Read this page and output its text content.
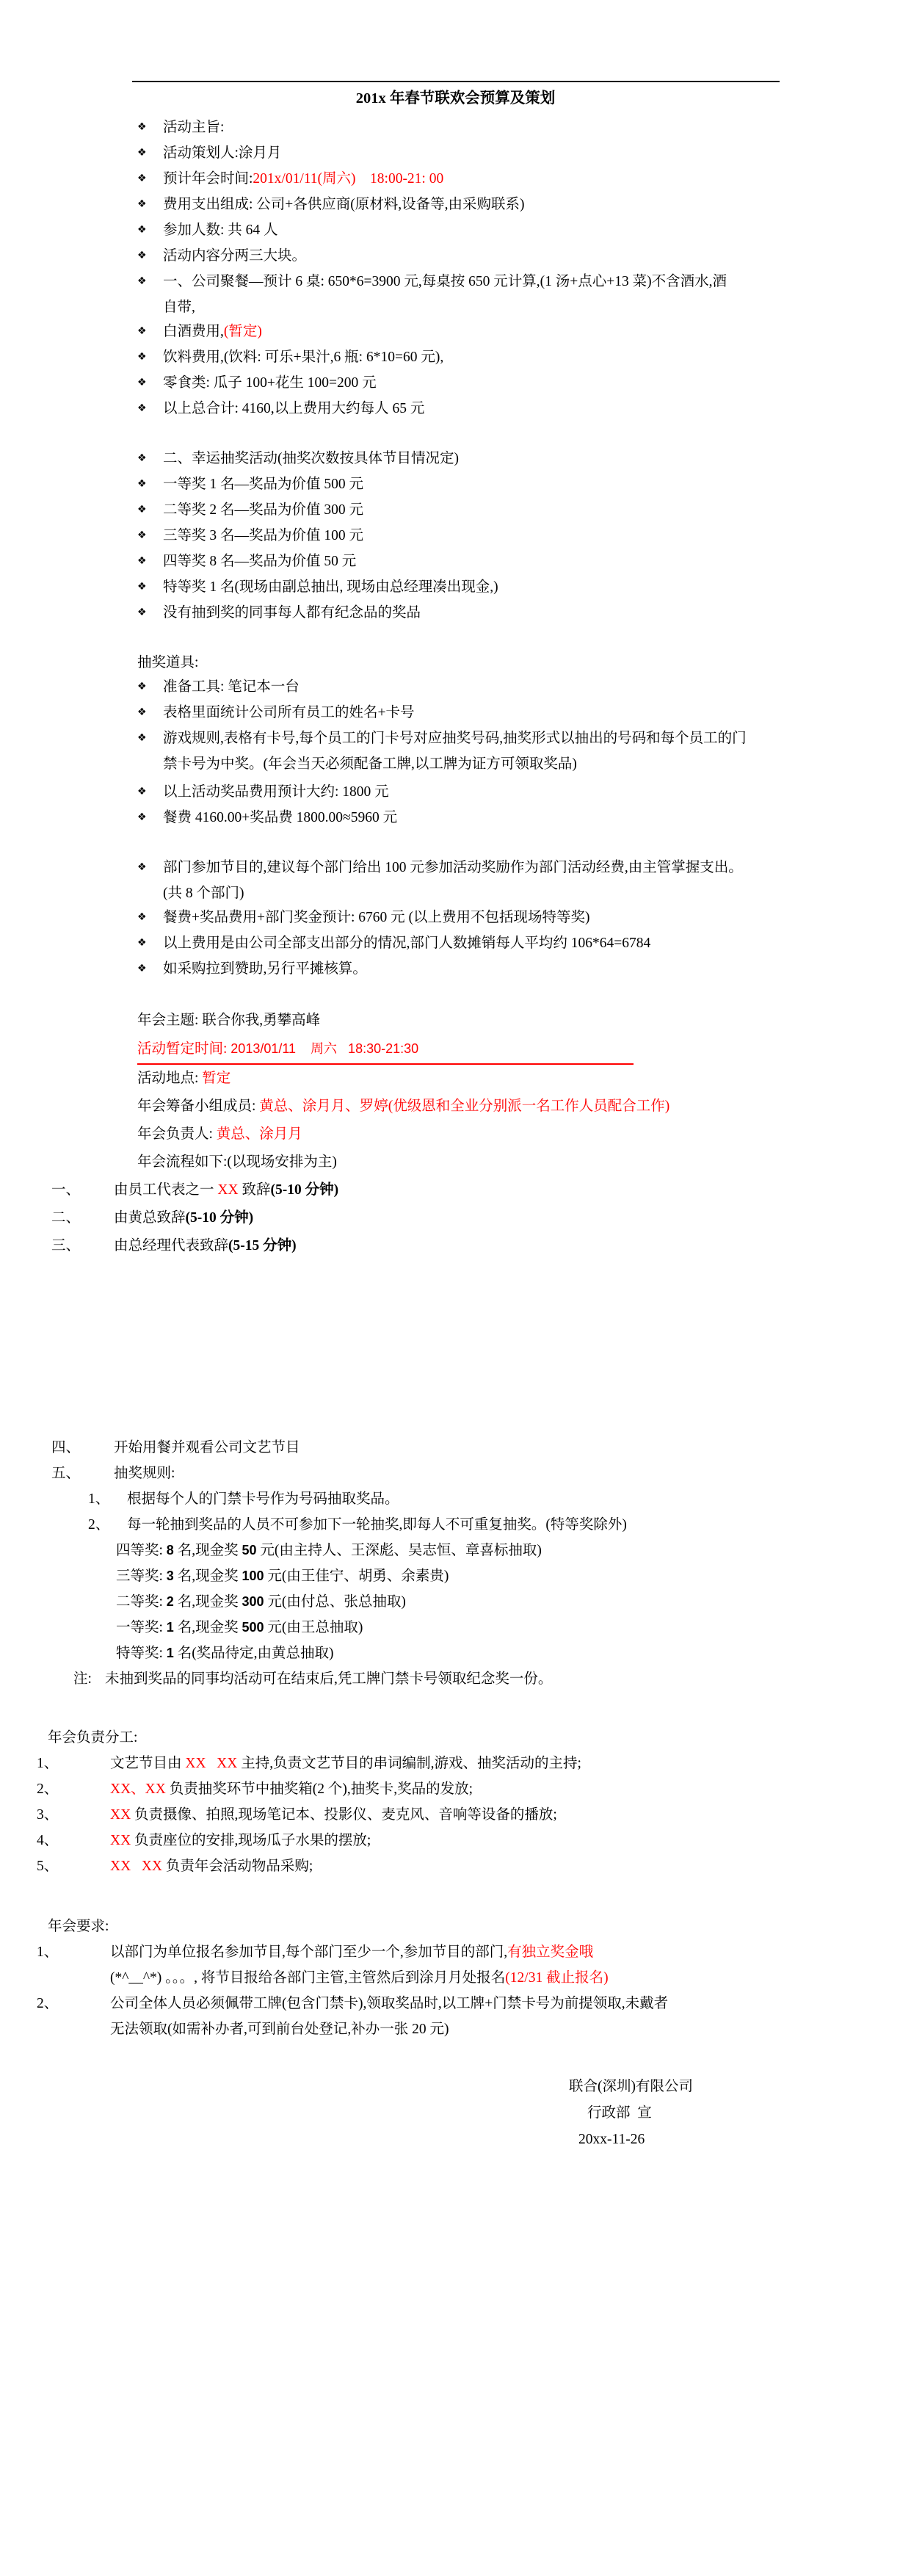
201x 年春节联欢会预算及策划
❖ 活动主旨:
❖ 活动策划人:涂月月
❖ 预计年会时间:201x/01/11(周六)    18:00-21: 00
❖ 费用支出组成: 公司+各供应商(原材料,设备等,由采购联系)
❖ 参加人数: 共 64 人
❖ 活动内容分两三大块。
❖ 一、公司聚餐—预计 6 桌: 650*6=3900 元,每桌按 650 元计算,(1 汤+点心+13 菜)不含酒水,酒
自带,
❖ 白酒费用,(暂定)
❖ 饮料费用,(饮料: 可乐+果汁,6 瓶: 6*10=60 元),
❖ 零食类: 瓜子 100+花生 100=200 元
❖ 以上总合计: 4160,以上费用大约每人 65 元
❖ 二、幸运抽奖活动(抽奖次数按具体节目情况定)
❖ 一等奖 1 名—奖品为价值 500 元
❖ 二等奖 2 名—奖品为价值 300 元
❖ 三等奖 3 名—奖品为价值 100 元
❖ 四等奖 8 名—奖品为价值 50 元
❖ 特等奖 1 名(现场由副总抽出, 现场由总经理凑出现金,)
❖ 没有抽到奖的同事每人都有纪念品的奖品
抽奖道具:
❖ 准备工具: 笔记本一台
❖ 表格里面统计公司所有员工的姓名+卡号
❖ 游戏规则,表格有卡号,每个员工的门卡号对应抽奖号码,抽奖形式以抽出的号码和每个员工的门
禁卡号为中奖。(年会当天必须配备工牌,以工牌为证方可领取奖品)
❖ 以上活动奖品费用预计大约: 1800 元
❖ 餐费 4160.00+奖品费 1800.00≈5960 元
❖ 部门参加节目的,建议每个部门给出 100 元参加活动奖励作为部门活动经费,由主管掌握支出。
(共 8 个部门)
❖ 餐费+奖品费用+部门奖金预计: 6760 元 (以上费用不包括现场特等奖)
❖ 以上费用是由公司全部支出部分的情况,部门人数摊销每人平均约 106*64=6784
❖ 如采购拉到赞助,另行平摊核算。
年会主题: 联合你我,勇攀高峰
活动暂定时间: 2013/01/11    周六   18:30-21:30
活动地点: 暂定
年会筹备小组成员: 黄总、涂月月、罗婷(优级恩和全业分别派一名工作人员配合工作)
年会负责人: 黄总、涂月月
年会流程如下:(以现场安排为主)
一、 由员工代表之一 XX 致辞(5-10 分钟)
二、 由黄总致辞(5-10 分钟)
三、 由总经理代表致辞(5-15 分钟)
四、 开始用餐并观看公司文艺节目
五、 抽奖规则:
1、 根据每个人的门禁卡号作为号码抽取奖品。
2、 每一轮抽到奖品的人员不可参加下一轮抽奖,即每人不可重复抽奖。(特等奖除外)
四等奖: 8 名,现金奖 50 元(由主持人、王深彪、吴志恒、章喜标抽取)
三等奖: 3 名,现金奖 100 元(由王佳宁、胡勇、余素贵)
二等奖: 2 名,现金奖 300 元(由付总、张总抽取)
一等奖: 1 名,现金奖 500 元(由王总抽取)
特等奖: 1 名(奖品待定,由黄总抽取)
注: 未抽到奖品的同事均活动可在结束后,凭工牌门禁卡号领取纪念奖一份。
年会负责分工:
1、	文艺节目由 XX   XX 主持,负责文艺节目的串词编制,游戏、抽奖活动的主持;
2、	XX、XX 负责抽奖环节中抽奖箱(2 个),抽奖卡,奖品的发放;
3、	XX 负责摄像、拍照,现场笔记本、投影仪、麦克风、音响等设备的播放;
4、	XX 负责座位的安排,现场瓜子水果的摆放;
5、	XX   XX 负责年会活动物品采购;
年会要求:
1、	以部门为单位报名参加节目,每个部门至少一个,参加节目的部门,有独立奖金哦
(*^__^*) 。。。, 将节目报给各部门主管,主管然后到涂月月处报名(12/31 截止报名)
2、	公司全体人员必须佩带工牌(包含门禁卡),领取奖品时,以工牌+门禁卡号为前提领取,未戴者
无法领取(如需补办者,可到前台处登记,补办一张 20 元)
联合(深圳)有限公司
行政部  宣
20xx-11-26
